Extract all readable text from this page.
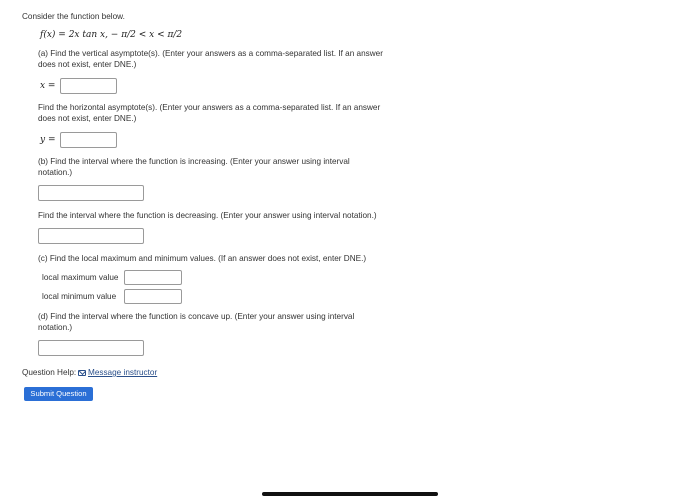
Consider the function below.
f(x) = 2x tan x, − π/2 < x < π/2
(a) Find the vertical asymptote(s). (Enter your answers as a comma-separated list. If an answer
does not exist, enter DNE.)
x =
Find the horizontal asymptote(s). (Enter your answers as a comma-separated list. If an answer
does not exist, enter DNE.)
y =
(b) Find the interval where the function is increasing. (Enter your answer using interval
notation.)
Find the interval where the function is decreasing. (Enter your answer using interval notation.)
(c) Find the local maximum and minimum values. (If an answer does not exist, enter DNE.)
local maximum value
local minimum value
(d) Find the interval where the function is concave up. (Enter your answer using interval
notation.)
Question Help:	Message instructor
Submit Question
